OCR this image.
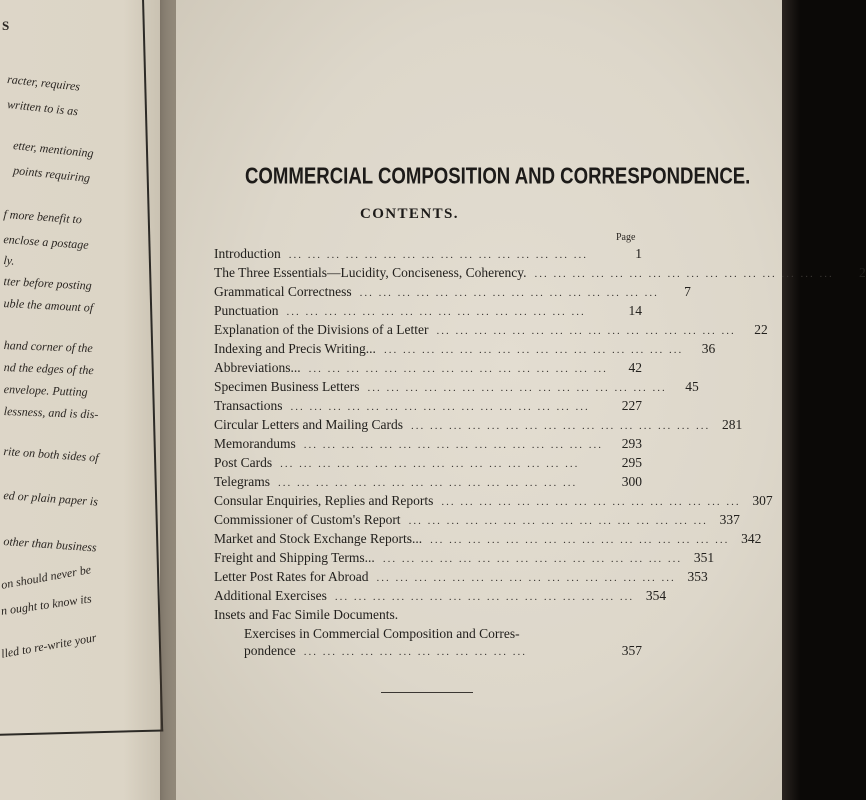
S
racter, requires
written to is as
etter, mentioning
points requiring
f more benefit to
enclose a postage
ly.
tter before posting
uble the amount of
hand corner of the
nd the edges of the
envelope. Putting
lessness, and is dis-
rite on both sides of
ed or plain paper is
other than business
on should never be
n ought to know its
lled to re-write your
COMMERCIAL COMPOSITION AND CORRESPONDENCE.
CONTENTS.
Page
Introduction ... ... ... ... ... ... ... ... ... ... ... ... ... ... ... ...	1
The Three Essentials—Lucidity, Conciseness, Coherency. ... ... ... ... ... ... ... ... ... ... ... ... ... ... ... ...	2
Grammatical Correctness ... ... ... ... ... ... ... ... ... ... ... ... ... ... ... ...	7
Punctuation ... ... ... ... ... ... ... ... ... ... ... ... ... ... ... ...	14
Explanation of the Divisions of a Letter ... ... ... ... ... ... ... ... ... ... ... ... ... ... ... ...	22
Indexing and Precis Writing... ... ... ... ... ... ... ... ... ... ... ... ... ... ... ... ...	36
Abbreviations... ... ... ... ... ... ... ... ... ... ... ... ... ... ... ... ...	42
Specimen Business Letters ... ... ... ... ... ... ... ... ... ... ... ... ... ... ... ...	45
Transactions ... ... ... ... ... ... ... ... ... ... ... ... ... ... ... ...	227
Circular Letters and Mailing Cards ... ... ... ... ... ... ... ... ... ... ... ... ... ... ... ... 281
Memorandums ... ... ... ... ... ... ... ... ... ... ... ... ... ... ... ...	293
Post Cards ... ... ... ... ... ... ... ... ... ... ... ... ... ... ... ...	295
Telegrams ... ... ... ... ... ... ... ... ... ... ... ... ... ... ... ...	300
Consular Enquiries, Replies and Reports ... ... ... ... ... ... ... ... ... ... ... ... ... ... ... ... 307
Commissioner of Custom's Report ... ... ... ... ... ... ... ... ... ... ... ... ... ... ... ... 337
Market and Stock Exchange Reports... ... ... ... ... ... ... ... ... ... ... ... ... ... ... ... ... 342
Freight and Shipping Terms... ... ... ... ... ... ... ... ... ... ... ... ... ... ... ... ... 351
Letter Post Rates for Abroad ... ... ... ... ... ... ... ... ... ... ... ... ... ... ... ... 353
Additional Exercises ... ... ... ... ... ... ... ... ... ... ... ... ... ... ... ... 354
Insets and Fac Simile Documents.
Exercises in Commercial Composition and Corres-
pondence ... ... ... ... ... ... ... ... ... ... ... ...	357
